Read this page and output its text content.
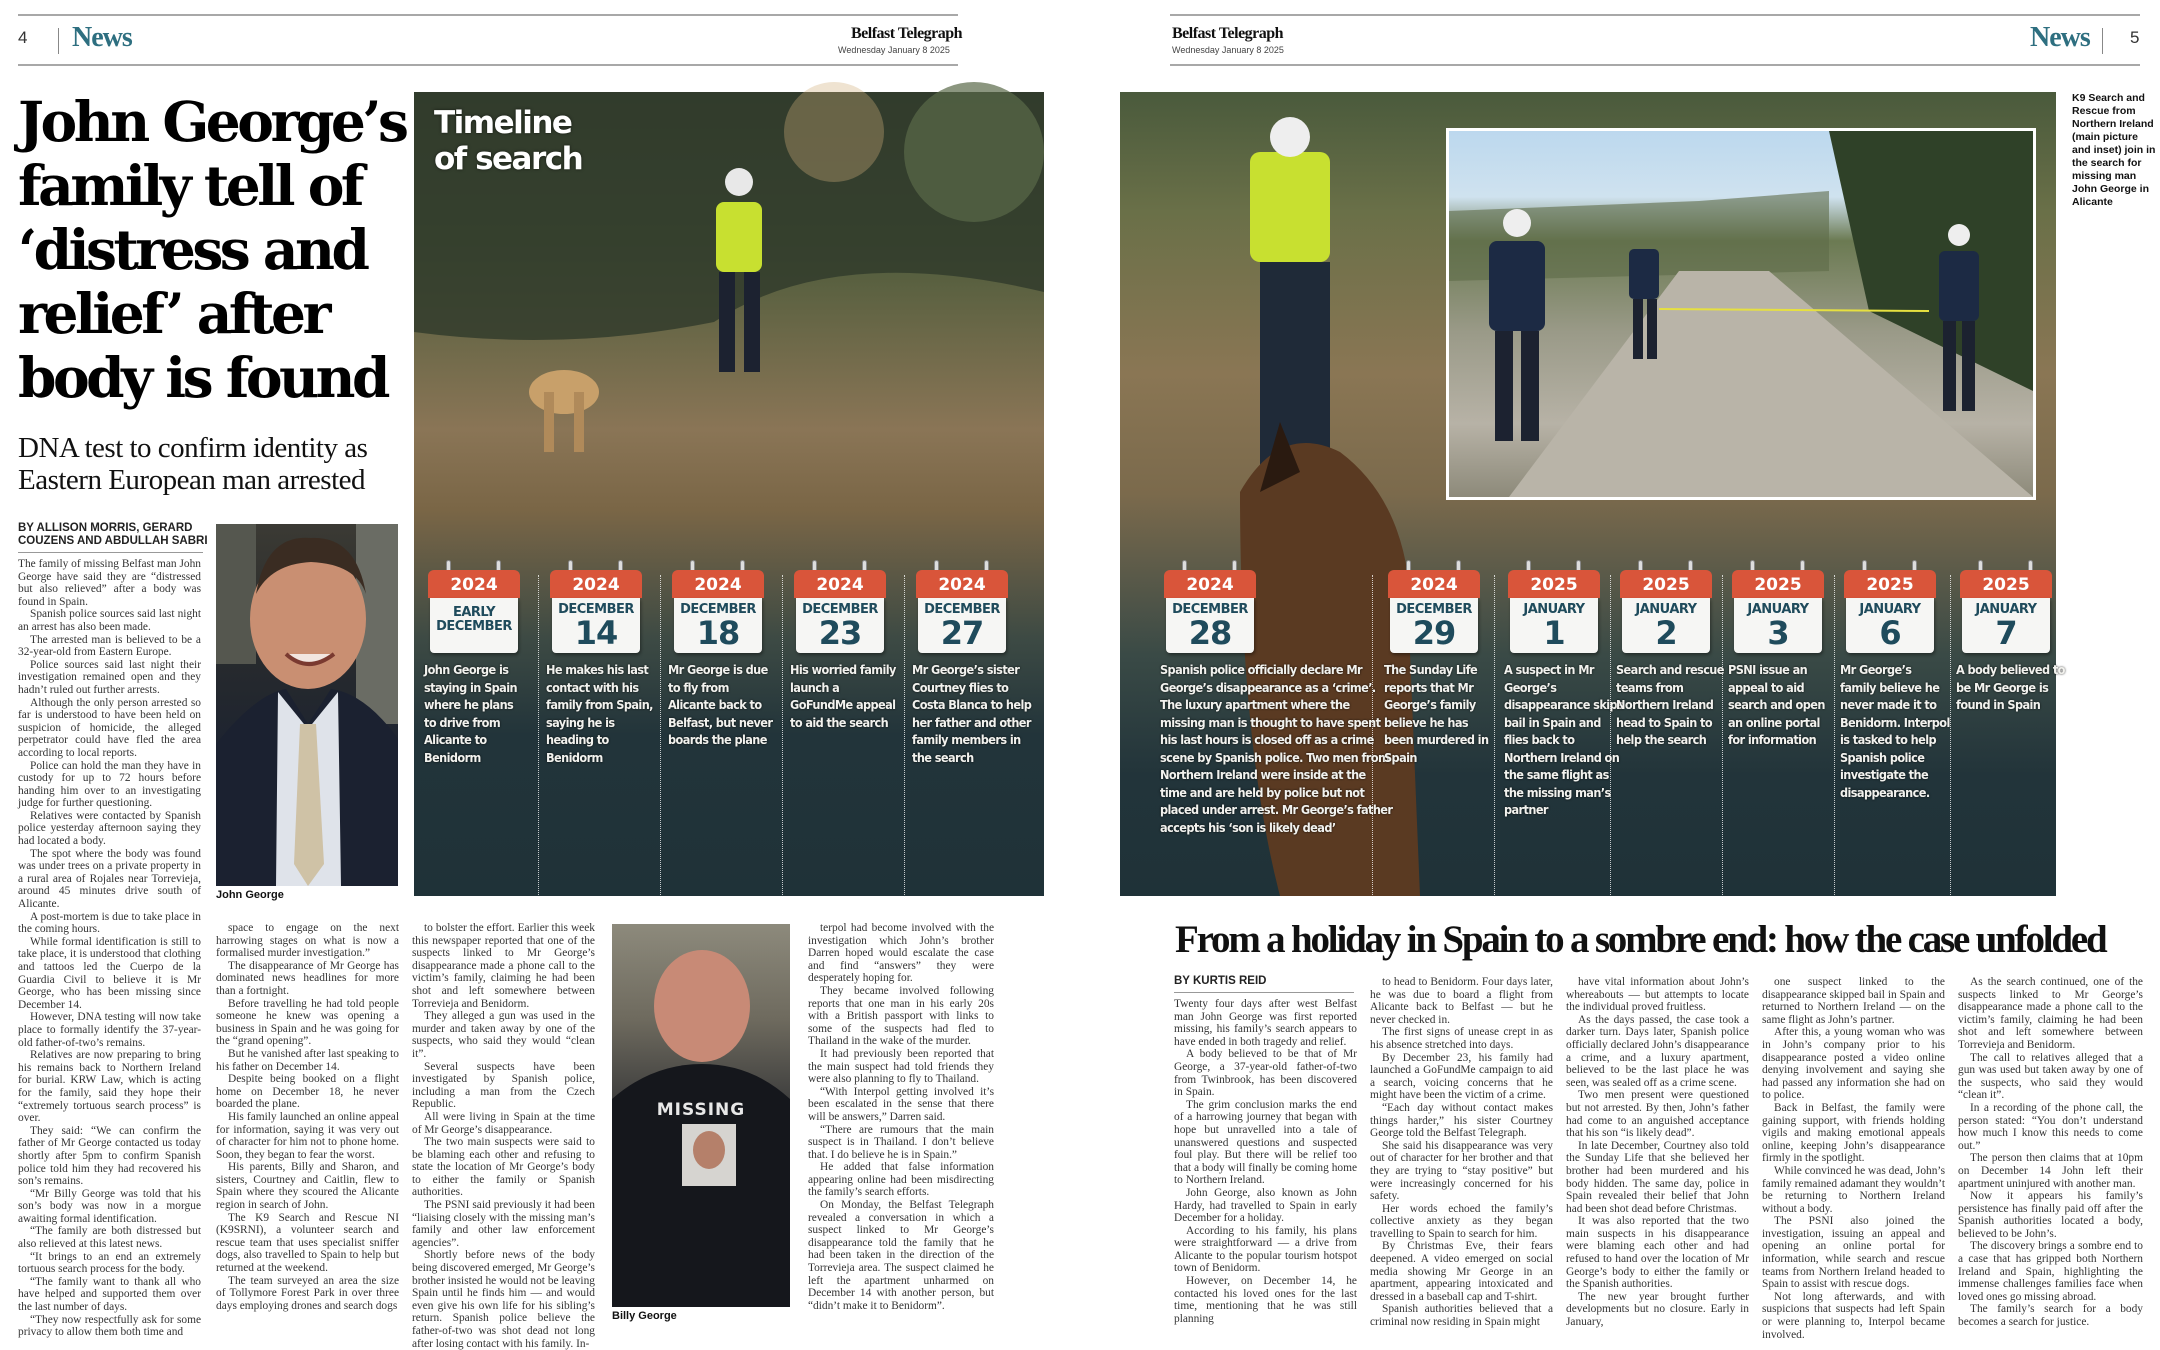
4 News	Belfast Telegraph
Wednesday January 8 2025
Belfast Telegraph
Wednesday January 8 2025	News 5
John George’s family tell of ‘distress and relief’ after body is found
DNA test to confirm identity as Eastern European man arrested
BY ALLISON MORRIS, GERARD COUZENS AND ABDULLAH SABRI
John George

The family of missing Belfast man John George have said they are “distressed but also relieved” after a body was found in Spain.

Spanish police sources said last night an arrest has also been made.

The arrested man is believed to be a 32-year-old from Eastern Europe.

Police sources said last night their investigation remained open and they hadn’t ruled out further arrests.

Although the only person arrested so far is understood to have been held on suspicion of homicide, the alleged perpetrator could have fled the area according to local reports.

Police can hold the man they have in custody for up to 72 hours before handing him over to an investigating judge for further questioning.

Relatives were contacted by Spanish police yesterday afternoon saying they had located a body.

The spot where the body was found was under trees on a private property in a rural area of Rojales near Torrevieja, around 45 minutes drive south of Alicante.

A post-mortem is due to take place in the coming hours.

While formal identification is still to take place, it is understood that clothing and tattoos led the Cuerpo de la Guardia Civil to believe it is Mr George, who has been missing since December 14.

However, DNA testing will now take place to formally identify the 37-year-old father-of-two’s remains.

Relatives are now preparing to bring his remains back to Northern Ireland for burial. KRW Law, which is acting for the family, said they hope their “extremely tortuous search process” is over.

They said: “We can confirm the father of Mr George contacted us today shortly after 5pm to confirm Spanish police told him they had recovered his son’s remains.

“Mr Billy George was told that his son’s body was now in a morgue awaiting formal identification.

“The family are both distressed but also relieved at this latest news.

“It brings to an end an extremely tortuous search process for the body.

“The family want to thank all who have helped and supported them over the last number of days.

“They now respectfully ask for some privacy to allow them both time and

space to engage on the next harrowing stages on what is now a formalised murder investigation.”

The disappearance of Mr George has dominated news headlines for more than a fortnight.

Before travelling he had told people someone he knew was opening a business in Spain and he was going for the “grand opening”.

But he vanished after last speaking to his father on December 14.

Despite being booked on a flight home on December 18, he never boarded the plane.

His family launched an online appeal for information, saying it was very out of character for him not to phone home. Soon, they began to fear the worst.

His parents, Billy and Sharon, and sisters, Courtney and Caitlin, flew to Spain where they scoured the Alicante region in search of John.

The K9 Search and Rescue NI (K9SRNI), a volunteer search and rescue team that uses specialist sniffer dogs, also travelled to Spain to help but returned at the weekend.

The team surveyed an area the size of Tollymore Forest Park in over three days employing drones and search dogs

to bolster the effort. Earlier this week this newspaper reported that one of the suspects linked to Mr George’s disappearance made a phone call to the victim’s family, claiming he had been shot and left somewhere between Torrevieja and Benidorm.

They alleged a gun was used in the murder and taken away by one of the suspects, who said they would “clean it”.

Several suspects have been investigated by Spanish police, including a man from the Czech Republic.

All were living in Spain at the time of Mr George’s disappearance.

The two main suspects were said to be blaming each other and refusing to state the location of Mr George’s body to either the family or Spanish authorities.

The PSNI said previously it had been “liaising closely with the missing man’s family and other law enforcement agencies”.

Shortly before news of the body being discovered emerged, Mr George’s brother insisted he would not be leaving Spain until he finds him — and would even give his own life for his sibling’s return. Spanish police believe the father-of-two was shot dead not long after losing contact with his family. In-

terpol had become involved with the investigation which John’s brother Darren hoped would escalate the case and find “answers” they were desperately hoping for.

They became involved following reports that one man in his early 20s with a British passport with links to some of the suspects had fled to Thailand in the wake of the murder.

It had previously been reported that the main suspect had told friends they were also planning to fly to Thailand.

“With Interpol getting involved it’s been escalated in the sense that there will be answers,” Darren said.

“There are rumours that the main suspect is in Thailand. I don’t believe that. I do believe he is in Spain.”

He added that false information appearing online had been misdirecting the family’s search efforts.

On Monday, the Belfast Telegraph revealed a conversation in which a suspect linked to Mr George’s disappearance told the family that he had been taken in the direction of the Torrevieja area. The suspect claimed he left the apartment unharmed on December 14 with another person, but “didn’t make it to Benidorm”.

MISSING
Billy George
Timeline
of search
K9 Search and Rescue from Northern Ireland (main picture and inset) join in the search for missing man John George in Alicante
2024
EARLY
DECEMBER
John George is staying in Spain where he plans to drive from Alicante to Benidorm
2024
DECEMBER
14
He makes his last contact with his family from Spain, saying he is heading to Benidorm
2024
DECEMBER
18
Mr George is due to fly from Alicante back to Belfast, but never boards the plane
2024
DECEMBER
23
His worried family launch a GoFundMe appeal to aid the search
2024
DECEMBER
27
Mr George’s sister Courtney flies to Costa Blanca to help her father and other family members in the search
2024
DECEMBER
28
Spanish police officially declare Mr George’s disappearance as a ‘crime’. The luxury apartment where the missing man is thought to have spent his last hours is closed off as a crime scene by Spanish police. Two men from Northern Ireland were inside at the time and are held by police but not placed under arrest. Mr George’s father accepts his ‘son is likely dead’
2024
DECEMBER
29
The Sunday Life reports that Mr George’s family believe he has been murdered in Spain
2025
JANUARY
1
A suspect in Mr George’s disappearance skips bail in Spain and flies back to Northern Ireland on the same flight as the missing man’s partner
2025
JANUARY
2
Search and rescue teams from Northern Ireland head to Spain to help the search
2025
JANUARY
3
PSNI issue an appeal to aid search and open an online portal for information
2025
JANUARY
6
Mr George’s family believe he never made it to Benidorm. Interpol is tasked to help Spanish police investigate the disappearance.
2025
JANUARY
7
A body believed to be Mr George is found in Spain
From a holiday in Spain to a sombre end: how the case unfolded
BY KURTIS REID

Twenty four days after west Belfast man John George was first reported missing, his family’s search appears to have ended in both tragedy and relief.

A body believed to be that of Mr George, a 37-year-old father-of-two from Twinbrook, has been discovered in Spain.

The grim conclusion marks the end of a harrowing journey that began with hope but unravelled into a tale of unanswered questions and suspected foul play. But there will be relief too that a body will finally be coming home to Northern Ireland.

John George, also known as John Hardy, had travelled to Spain in early December for a holiday.

According to his family, his plans were straightforward — a drive from Alicante to the popular tourism hotspot town of Benidorm.

However, on December 14, he contacted his loved ones for the last time, mentioning that he was still planning

to head to Benidorm. Four days later, he was due to board a flight from Alicante back to Belfast — but he never checked in.

The first signs of unease crept in as his absence stretched into days.

By December 23, his family had launched a GoFundMe campaign to aid a search, voicing concerns that he might have been the victim of a crime.

“Each day without contact makes things harder,” his sister Courtney George told the Belfast Telegraph.

She said his disappearance was very out of character for her brother and that they are trying to “stay positive” but were increasingly concerned for his safety.

Her words echoed the family’s collective anxiety as they began travelling to Spain to search for him.

By Christmas Eve, their fears deepened. A video emerged on social media showing Mr George in an apartment, appearing intoxicated and dressed in a baseball cap and T-shirt.

Spanish authorities believed that a criminal now residing in Spain might

have vital information about John’s whereabouts — but attempts to locate the individual proved fruitless.

As the days passed, the case took a darker turn. Days later, Spanish police officially declared John’s disappearance a crime, and a luxury apartment, believed to be the last place he was seen, was sealed off as a crime scene.

Two men present were questioned but not arrested. By then, John’s father had come to an anguished acceptance that his son “is likely dead”.

In late December, Courtney also told the Sunday Life that she believed her brother had been murdered and his body hidden. The same day, police in Spain revealed their belief that John had been shot dead before Christmas.

It was also reported that the two main suspects in his disappearance were blaming each other and had refused to hand over the location of Mr George’s body to either the family or the Spanish authorities.

The new year brought further developments but no closure. Early in January,

one suspect linked to the disappearance skipped bail in Spain and returned to Northern Ireland — on the same flight as John’s partner.

After this, a young woman who was in John’s company prior to his disappearance posted a video online denying involvement and saying she had passed any information she had on to police.

Back in Belfast, the family were gaining support, with friends holding vigils and making emotional appeals online, keeping John’s disappearance firmly in the spotlight.

While convinced he was dead, John’s family remained adamant they wouldn’t be returning to Northern Ireland without a body.

The PSNI also joined the investigation, issuing an appeal and opening an online portal for information, while search and rescue teams from Northern Ireland headed to Spain to assist with rescue dogs.

Not long afterwards, and with suspicions that suspects had left Spain or were planning to, Interpol became involved.

As the search continued, one of the suspects linked to Mr George’s disappearance made a phone call to the victim’s family, claiming he had been shot and left somewhere between Torrevieja and Benidorm.

The call to relatives alleged that a gun was used but taken away by one of the suspects, who said they would “clean it”.

In a recording of the phone call, the person stated: “You don’t understand how much I know this needs to come out.”

The person then claims that at 10pm on December 14 John left their apartment uninjured with another man.

Now it appears his family’s persistence has finally paid off after the Spanish authorities located a body, believed to be John’s.

The discovery brings a sombre end to a case that has gripped both Northern Ireland and Spain, highlighting the immense challenges families face when loved ones go missing abroad.

The family’s search for a body becomes a search for justice.
